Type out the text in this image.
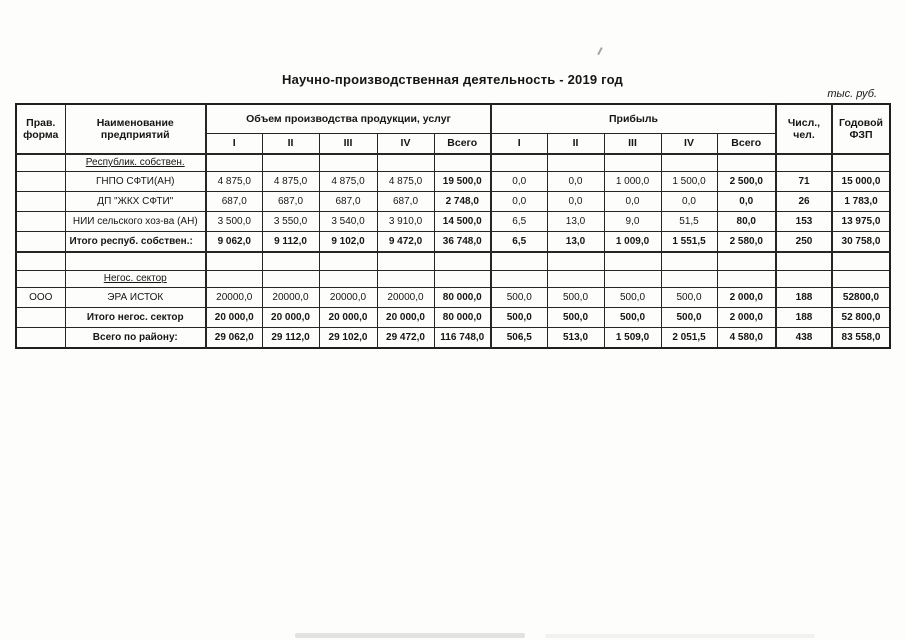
Научно-производственная деятельность - 2019 год
тыс. руб.
Прав. форма	Наименование предприятий	Объем производства продукции, услуг					Прибыль					Числ., чел.	Годовой ФЗП
		I	II	III	IV	Всего	I	II	III	IV	Всего		
	Республик. собствен.												
	ГНПО СФТИ(АН)	4 875,0	4 875,0	4 875,0	4 875,0	19 500,0	0,0	0,0	1 000,0	1 500,0	2 500,0	71	15 000,0
	ДП "ЖКХ СФТИ"	687,0	687,0	687,0	687,0	2 748,0	0,0	0,0	0,0	0,0	0,0	26	1 783,0
	НИИ сельского хоз-ва (АН)	3 500,0	3 550,0	3 540,0	3 910,0	14 500,0	6,5	13,0	9,0	51,5	80,0	153	13 975,0
	Итого респуб. собствен.:	9 062,0	9 112,0	9 102,0	9 472,0	36 748,0	6,5	13,0	1 009,0	1 551,5	2 580,0	250	30 758,0

	Негос. сектор												
ООО	ЭРА ИСТОК	20000,0	20000,0	20000,0	20000,0	80 000,0	500,0	500,0	500,0	500,0	2 000,0	188	52800,0
	Итого негос. сектор	20 000,0	20 000,0	20 000,0	20 000,0	80 000,0	500,0	500,0	500,0	500,0	2 000,0	188	52 800,0
	Всего по району:	29 062,0	29 112,0	29 102,0	29 472,0	116 748,0	506,5	513,0	1 509,0	2 051,5	4 580,0	438	83 558,0
